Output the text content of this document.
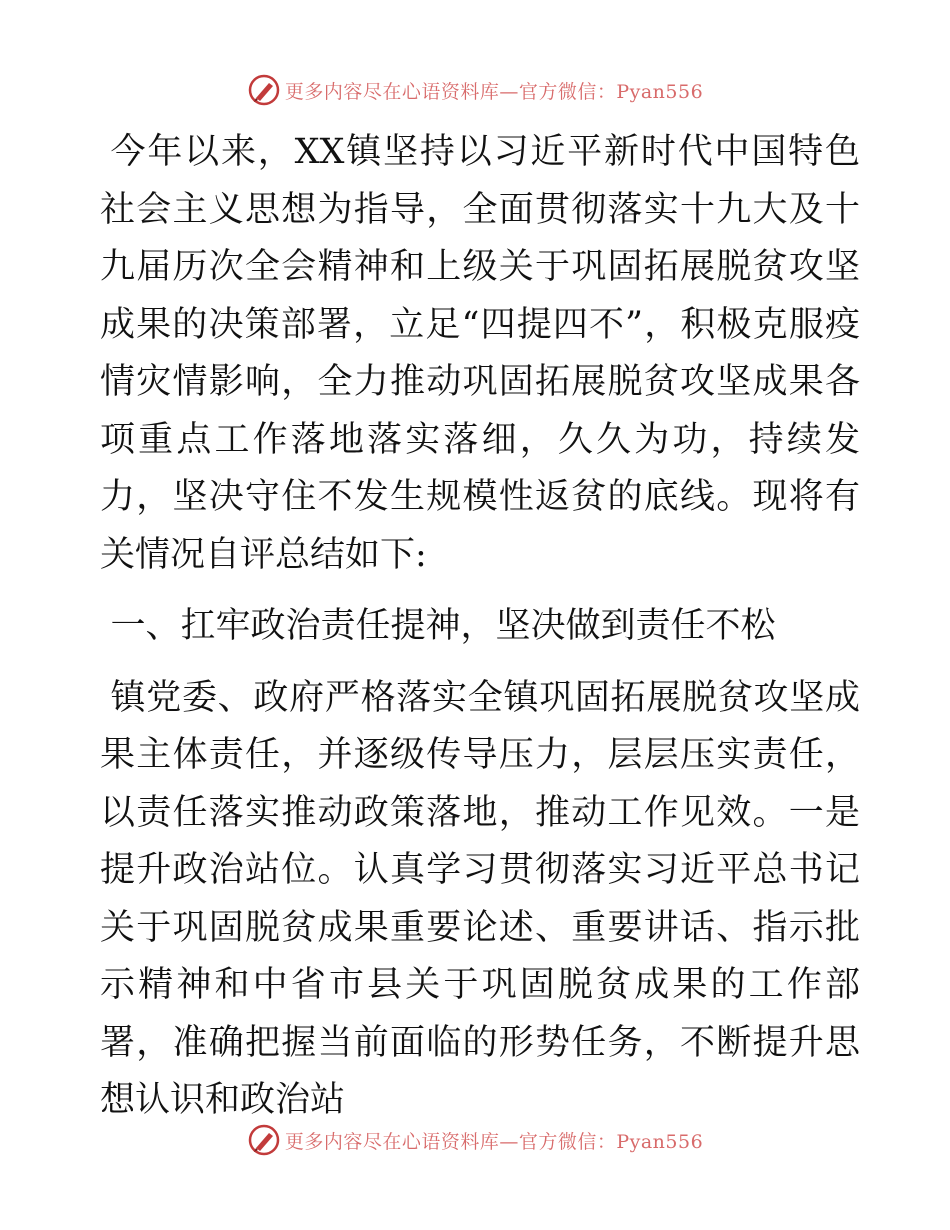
更多内容尽在心语资料库—官方微信：Pyan556

今年以来，XX镇坚持以习近平新时代中国特色社会主义思想为指导，全面贯彻落实十九大及十九届历次全会精神和上级关于巩固拓展脱贫攻坚成果的决策部署，立足“四提四不”，积极克服疫情灾情影响，全力推动巩固拓展脱贫攻坚成果各项重点工作落地落实落细，久久为功，持续发力，坚决守住不发生规模性返贫的底线。现将有关情况自评总结如下:

一、扛牢政治责任提神，坚决做到责任不松

镇党委、政府严格落实全镇巩固拓展脱贫攻坚成果主体责任，并逐级传导压力，层层压实责任，以责任落实推动政策落地，推动工作见效。一是提升政治站位。认真学习贯彻落实习近平总书记关于巩固脱贫成果重要论述、重要讲话、指示批示精神和中省市县关于巩固脱贫成果的工作部署，准确把握当前面临的形势任务，不断提升思想认识和政治站

更多内容尽在心语资料库—官方微信：Pyan556
